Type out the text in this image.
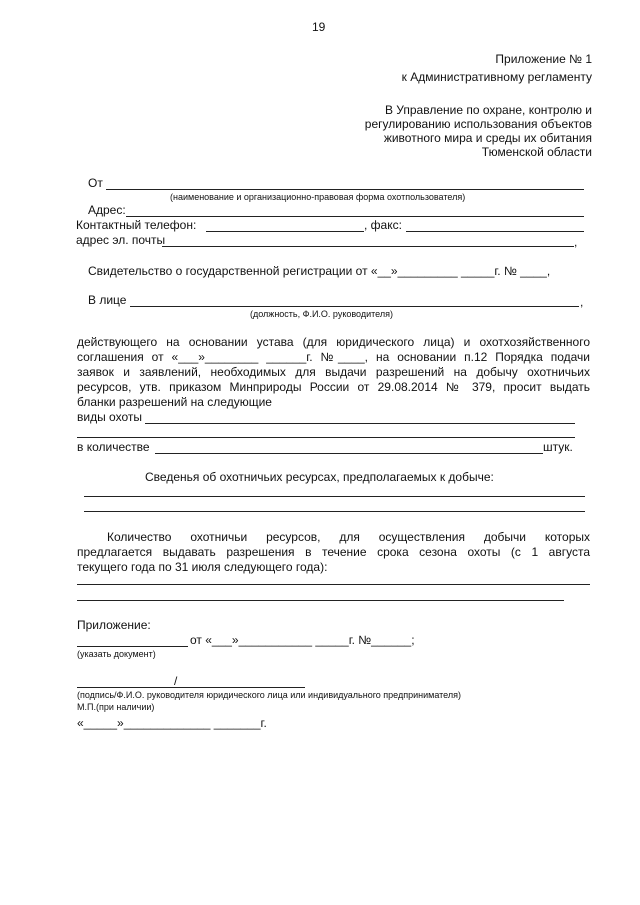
19
Приложение № 1
к Административному регламенту
В Управление по охране, контролю и
регулированию использования объектов
животного мира и среды их обитания
Тюменской области
От
(наименование и организационно-правовая форма охотпользователя)
Адрес:
Контактный телефон:	, факс:
адрес эл. почты	,
Свидетельство о государственной регистрации от «__»_________ _____г. № ____,
В лице	,
(должность, Ф.И.О. руководителя)
действующего на основании устава (для юридического лица) и охотхозяйственного
соглашения от «___»________ ______г. №____, на основании п.12 Порядка подачи
заявок и заявлений, необходимых для выдачи разрешений на добычу охотничьих
ресурсов, утв. приказом Минприроды России от 29.08.2014 № 379, просит выдать
бланки разрешений на следующие
виды охоты
в количестве	штук.
Сведенья об охотничьих ресурсах, предполагаемых к добыче:
Количество охотничьи ресурсов, для осуществления добычи которых
предлагается выдавать разрешения в течение срока сезона охоты (с 1 августа
текущего года по 31 июля следующего года):
Приложение:
от «___»___________ _____г. №______;
(указать документ)
/
(подпись/Ф.И.О. руководителя юридического лица или индивидуального предпринимателя)
М.П.(при наличии)
«_____»_____________ _______г.
